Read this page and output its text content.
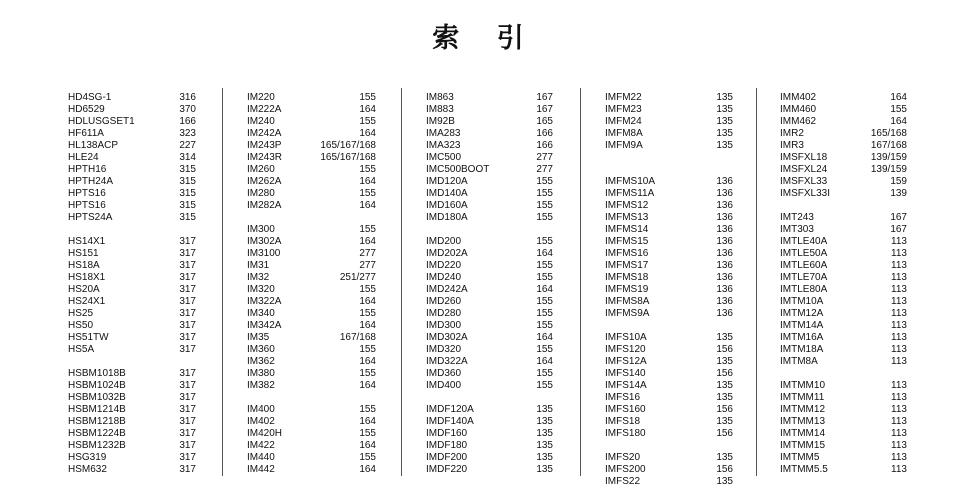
索 引
HD4SG-1	316
HD6529	370
HDLUSGSET1	166
HF611A	323
HL138ACP	227
HLE24	314
HPTH16	315
HPTH24A	315
HPTS16	315
HPTS16	315
HPTS24A	315
HS14X1	317
HS151	317
HS18A	317
HS18X1	317
HS20A	317
HS24X1	317
HS25	317
HS50	317
HS51TW	317
HS5A	317
HSBM1018B	317
HSBM1024B	317
HSBM1032B	317
HSBM1214B	317
HSBM1218B	317
HSBM1224B	317
HSBM1232B	317
HSG319	317
HSM632	317
IM220	155
IM222A	164
IM240	155
IM242A	164
IM243P	165/167/168
IM243R	165/167/168
IM260	155
IM262A	164
IM280	155
IM282A	164
IM300	155
IM302A	164
IM3100	277
IM31	277
IM32	251/277
IM320	155
IM322A	164
IM340	155
IM342A	164
IM35	167/168
IM360	155
IM362	164
IM380	155
IM382	164
IM400	155
IM402	164
IM420H	155
IM422	164
IM440	155
IM442	164
IM863	167
IM883	167
IM92B	165
IMA283	166
IMA323	166
IMC500	277
IMC500BOOT	277
IMD120A	155
IMD140A	155
IMD160A	155
IMD180A	155
IMD200	155
IMD202A	164
IMD220	155
IMD240	155
IMD242A	164
IMD260	155
IMD280	155
IMD300	155
IMD302A	164
IMD320	155
IMD322A	164
IMD360	155
IMD400	155
IMDF120A	135
IMDF140A	135
IMDF160	135
IMDF180	135
IMDF200	135
IMDF220	135
IMFM22	135
IMFM23	135
IMFM24	135
IMFM8A	135
IMFM9A	135
IMFMS10A	136
IMFMS11A	136
IMFMS12	136
IMFMS13	136
IMFMS14	136
IMFMS15	136
IMFMS16	136
IMFMS17	136
IMFMS18	136
IMFMS19	136
IMFMS8A	136
IMFMS9A	136
IMFS10A	135
IMFS120	156
IMFS12A	135
IMFS140	156
IMFS14A	135
IMFS16	135
IMFS160	156
IMFS18	135
IMFS180	156
IMFS20	135
IMFS200	156
IMFS22	135
IMM402	164
IMM460	155
IMM462	164
IMR2	165/168
IMR3	167/168
IMSFXL18	139/159
IMSFXL24	139/159
IMSFXL33	159
IMSFXL33I	139
IMT243	167
IMT303	167
IMTLE40A	113
IMTLE50A	113
IMTLE60A	113
IMTLE70A	113
IMTLE80A	113
IMTM10A	113
IMTM12A	113
IMTM14A	113
IMTM16A	113
IMTM18A	113
IMTM8A	113
IMTMM10	113
IMTMM11	113
IMTMM12	113
IMTMM13	113
IMTMM14	113
IMTMM15	113
IMTMM5	113
IMTMM5.5	113
